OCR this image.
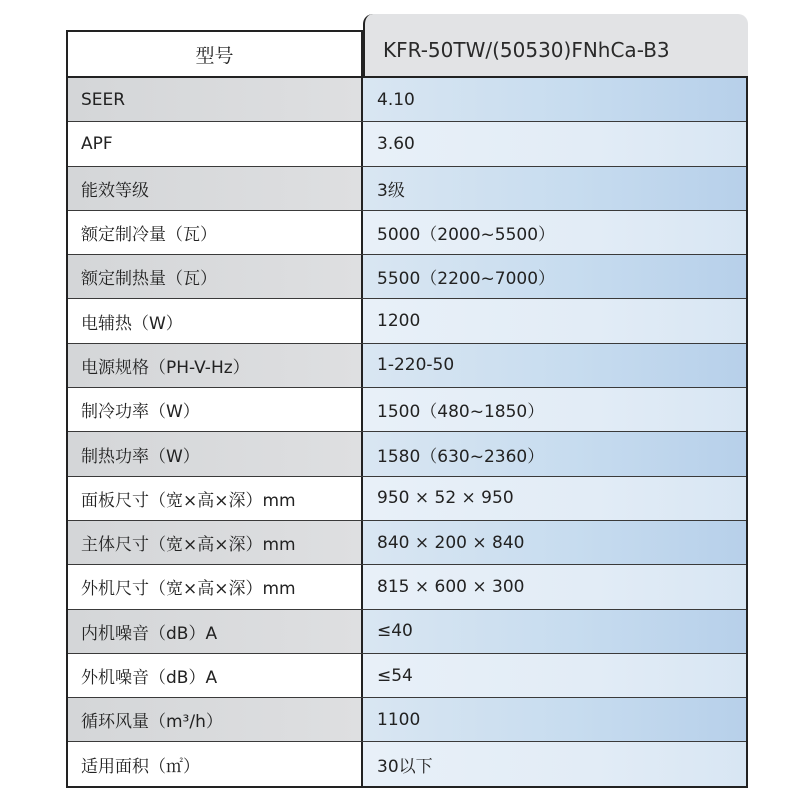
型号	KFR-50TW/(50530)FNhCa-B3
SEER	4.10
APF	3.60
能效等级	3级
额定制冷量（瓦）	5000（2000~5500）
额定制热量（瓦）	5500（2200~7000）
电辅热（W）	1200
电源规格（PH-V-Hz）	1-220-50
制冷功率（W）	1500（480~1850）
制热功率（W）	1580（630~2360）
面板尺寸（宽×高×深）mm	950 × 52 × 950
主体尺寸（宽×高×深）mm	840 × 200 × 840
外机尺寸（宽×高×深）mm	815 × 600 × 300
内机噪音（dB）A	≤40
外机噪音（dB）A	≤54
循环风量（m³/h）	1100
适用面积（㎡）	30以下
